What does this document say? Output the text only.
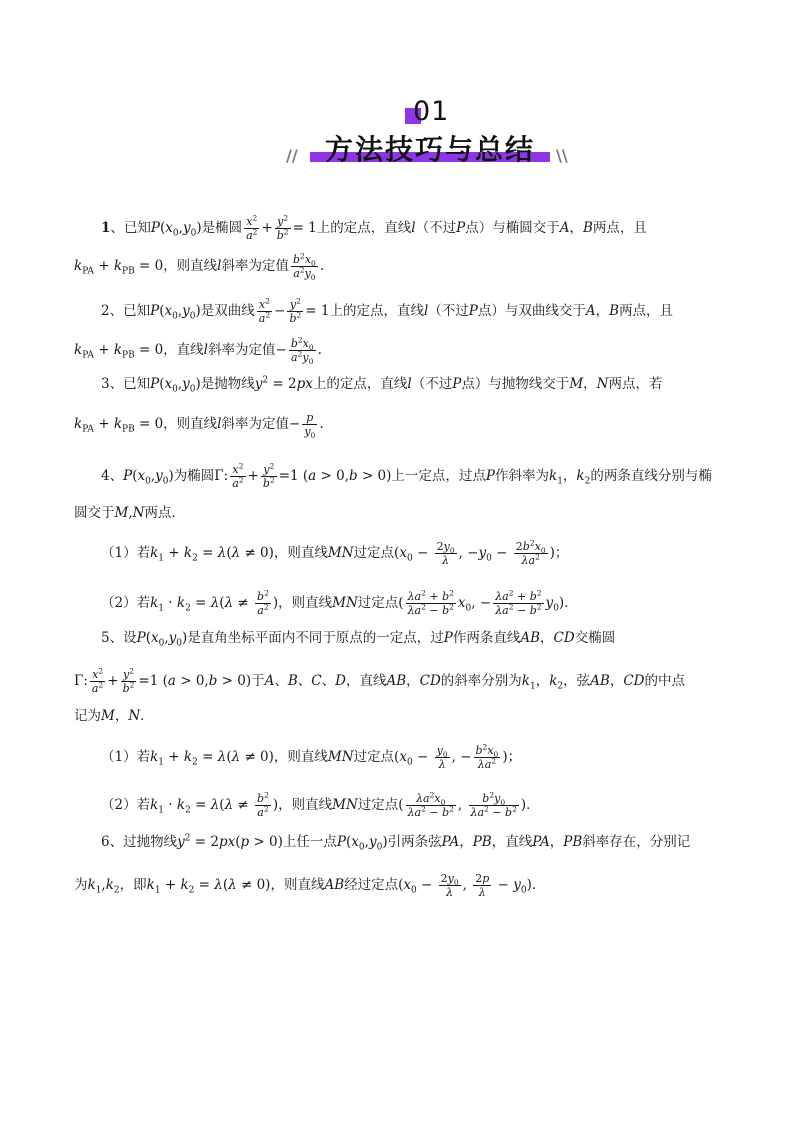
01
方法技巧与总结
//	\\
1、已知$P(x_0,y_0)$是椭圆 $\frac{x^2}{a^2} + \frac{y^2}{b^2} = 1$上的定点，直线l（不过P点）与椭圆交于A，B两点，且
$k_{PA} + k_{PB} = 0$，则直线l斜率为定值 $\frac{b^2x_0}{a^2y_0}$ .
2、已知$P(x_0,y_0)$是双曲线 $\frac{x^2}{a^2} - \frac{y^2}{b^2} = 1$上的定点，直线l（不过P点）与双曲线交于A，B两点，且
$k_{PA} + k_{PB} = 0$，直线l斜率为定值− $\frac{b^2x_0}{a^2y_0}$ .
3、已知$P(x_0,y_0)$是抛物线$y^2 = 2px$上的定点，直线l（不过P点）与抛物线交于M，N两点，若
$k_{PA} + k_{PB} = 0$，则直线l斜率为定值− $\frac{p}{y_0}$ .
4、$P(x_0,y_0)$为椭圆Γ: $\frac{x^2}{a^2} + \frac{y^2}{b^2} =1$ (a > 0,b > 0)上一定点，过点P作斜率为$k_1$，$k_2$的两条直线分别与椭
圆交于M,N两点．
（1）若$k_1 + k_2 = \lambda(\lambda \ne 0)$，则直线MN过定点($x_0 - \frac{2y_0}{\lambda}$ , $-y_0 - \frac{2b^2x_0}{\lambda a^2}$ )；
（2）若$k_1 \cdot k_2 = \lambda(\lambda \ne \frac{b^2}{a^2}$ )，则直线MN过定点( $\frac{\lambda a^2 + b^2}{\lambda a^2 - b^2} x_0$, − $\frac{\lambda a^2 + b^2}{\lambda a^2 - b^2} y_0$)．
5、设$P(x_0,y_0)$是直角坐标平面内不同于原点的一定点，过P作两条直线AB，CD交椭圆
Γ: $\frac{x^2}{a^2} + \frac{y^2}{b^2} =1$ (a > 0,b > 0)于A、B、C、D，直线AB，CD的斜率分别为$k_1$，$k_2$，弦AB，CD的中点
记为M，N．
（1）若$k_1 + k_2 = \lambda(\lambda \ne 0)$，则直线MN过定点($x_0 - \frac{y_0}{\lambda}$ , − $\frac{b^2x_0}{\lambda a^2}$ )；
（2）若$k_1 \cdot k_2 = \lambda(\lambda \ne \frac{b^2}{a^2}$ )，则直线MN过定点( $\frac{\lambda a^2x_0}{\lambda a^2 - b^2}$ , $\frac{b^2y_0}{\lambda a^2 - b^2}$ )．
6、过抛物线$y^2 = 2px(p > 0)$上任一点$P(x_0,y_0)$引两条弦PA，PB，直线PA，PB斜率存在，分别记
为$k_1,k_2$，即$k_1 + k_2 = \lambda(\lambda \ne 0)$，则直线AB经过定点($x_0 - \frac{2y_0}{\lambda}$ , $\frac{2p}{\lambda} - y_0$)．
